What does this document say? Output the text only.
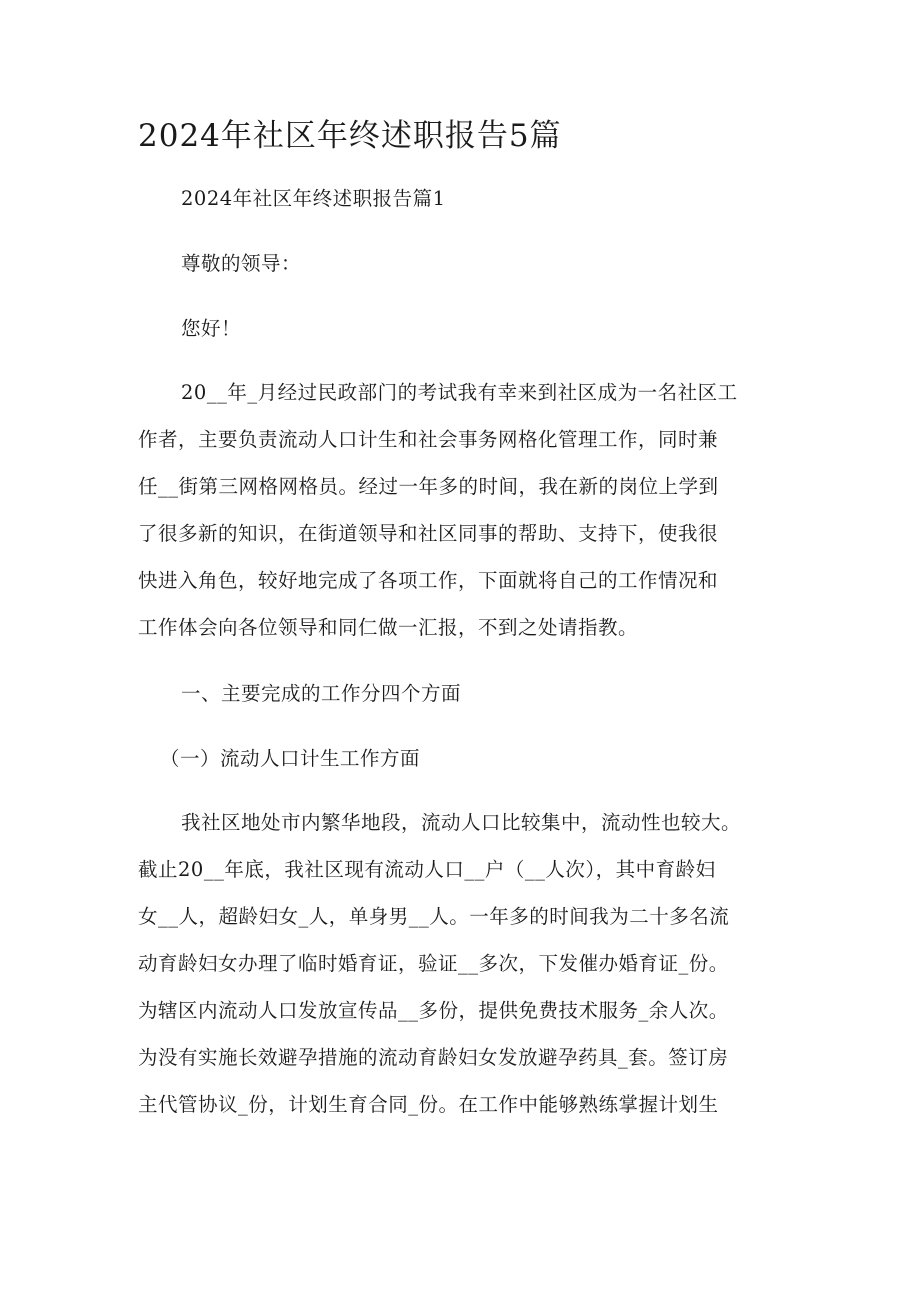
2024年社区年终述职报告5篇
2024年社区年终述职报告篇1
尊敬的领导：
您好！
20__年_月经过民政部门的考试我有幸来到社区成为一名社区工
作者，主要负责流动人口计生和社会事务网格化管理工作，同时兼
任__街第三网格网格员。经过一年多的时间，我在新的岗位上学到
了很多新的知识，在街道领导和社区同事的帮助、支持下，使我很
快进入角色，较好地完成了各项工作，下面就将自己的工作情况和
工作体会向各位领导和同仁做一汇报，不到之处请指教。
一、主要完成的工作分四个方面
（一）流动人口计生工作方面
我社区地处市内繁华地段，流动人口比较集中，流动性也较大。
截止20__年底，我社区现有流动人口__户（__人次），其中育龄妇
女__人，超龄妇女_人，单身男__人。一年多的时间我为二十多名流
动育龄妇女办理了临时婚育证，验证__多次，下发催办婚育证_份。
为辖区内流动人口发放宣传品__多份，提供免费技术服务_余人次。
为没有实施长效避孕措施的流动育龄妇女发放避孕药具_套。签订房
主代管协议_份，计划生育合同_份。在工作中能够熟练掌握计划生
